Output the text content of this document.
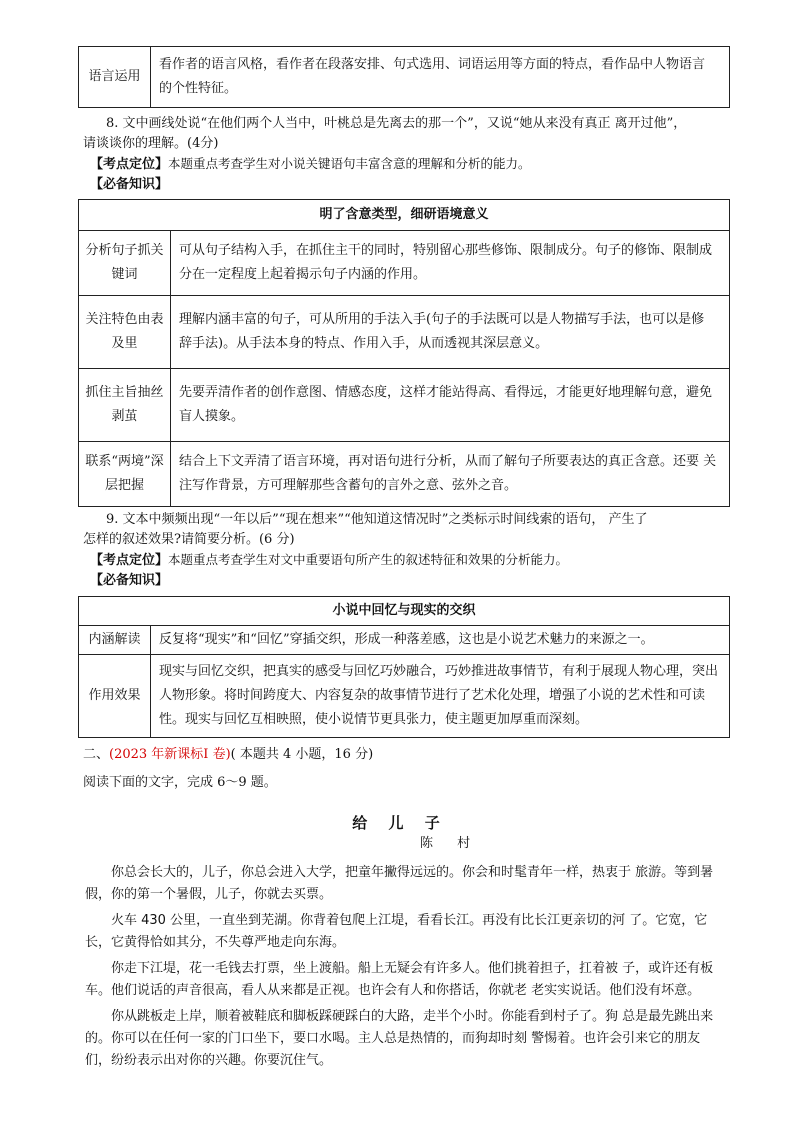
语言运用	看作者的语言风格，看作者在段落安排、句式选用、词语运用等方面的特点，看作品中人物语言 的个性特征。
8. 文中画线处说“在他们两个人当中，叶桃总是先离去的那一个”，又说“她从来没有真正 离开过他”，
请谈谈你的理解。(4分)
【考点定位】本题重点考查学生对小说关键语句丰富含意的理解和分析的能力。
【必备知识】
明了含意类型，细研语境意义	
分析句子抓关键词	可从句子结构入手，在抓住主干的同时，特别留心那些修饰、限制成分。句子的修饰、限制成 分在一定程度上起着揭示句子内涵的作用。
关注特色由表及里	理解内涵丰富的句子，可从所用的手法入手(句子的手法既可以是人物描写手法，也可以是修 辞手法)。从手法本身的特点、作用入手，从而透视其深层意义。
抓住主旨抽丝剥茧	先要弄清作者的创作意图、情感态度，这样才能站得高、看得远，才能更好地理解句意，避免盲人摸象。
联系“两境”深层把握	结合上下文弄清了语言环境，再对语句进行分析，从而了解句子所要表达的真正含意。还要 关注写作背景，方可理解那些含蓄句的言外之意、弦外之音。
9. 文本中频频出现“一年以后”“现在想来”“他知道这情况时”之类标示时间线索的语句， 产生了
怎样的叙述效果?请简要分析。(6 分)
【考点定位】本题重点考查学生对文中重要语句所产生的叙述特征和效果的分析能力。
【必备知识】
小说中回忆与现实的交织	
内涵解读	反复将“现实”和“回忆”穿插交织，形成一种落差感，这也是小说艺术魅力的来源之一。
作用效果	现实与回忆交织，把真实的感受与回忆巧妙融合，巧妙推进故事情节，有利于展现人物心理，突出人物形象。将时间跨度大、内容复杂的故事情节进行了艺术化处理，增强了小说的艺术性和可读性。现实与回忆互相映照，使小说情节更具张力，使主题更加厚重而深刻。
二、(2023 年新课标Ⅰ 卷)( 本题共 4 小题，16 分)
阅读下面的文字，完成 6～9 题。
给 儿 子
陈 村

你总会长大的，儿子，你总会进入大学，把童年撇得远远的。你会和时髦青年一样，热衷于 旅游。等到暑假，你的第一个暑假，儿子，你就去买票。

火车 430 公里，一直坐到芜湖。你背着包爬上江堤，看看长江。再没有比长江更亲切的河 了。它宽，它长，它黄得恰如其分，不失尊严地走向东海。

你走下江堤，花一毛钱去打票，坐上渡船。船上无疑会有许多人。他们挑着担子，扛着被 子，或许还有板车。他们说话的声音很高，看人从来都是正视。也许会有人和你搭话，你就老 老实实说话。他们没有坏意。

你从跳板走上岸，顺着被鞋底和脚板踩硬踩白的大路，走半个小时。你能看到村子了。狗 总是最先跳出来的。你可以在任何一家的门口坐下，要口水喝。主人总是热情的，而狗却时刻 警惕着。也许会引来它的朋友们，纷纷表示出对你的兴趣。你要沉住气。
